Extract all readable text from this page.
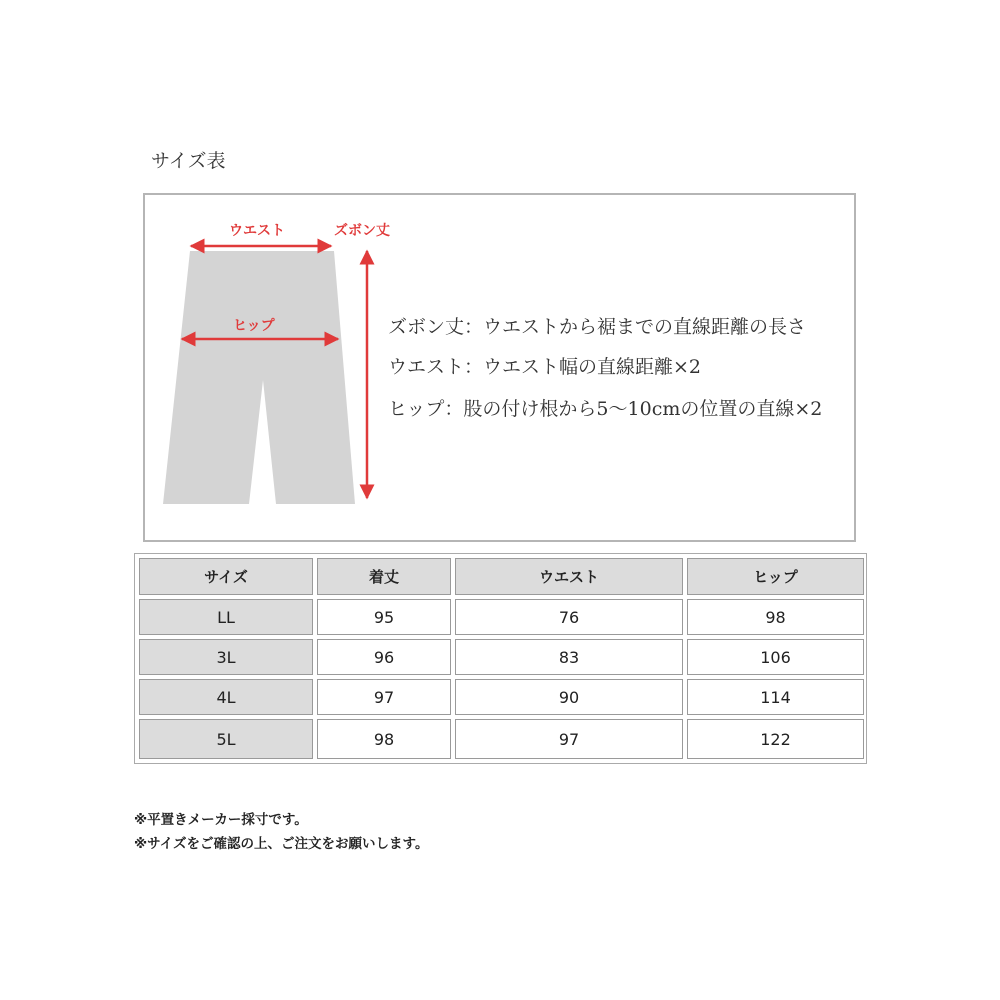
サイズ表
ウエスト	ズボン丈
ヒップ	ズボン丈：ウエストから裾までの直線距離の長さ
ウエスト：ウエスト幅の直線距離×2
ヒップ：股の付け根から5～10cmの位置の直線×2
サイズ	着丈	ウエスト	ヒップ
LL	95	76	98
3L	96	83	106
4L	97	90	114
5L	98	97	122
※平置きメーカー採寸です。
※サイズをご確認の上、ご注文をお願いします。
